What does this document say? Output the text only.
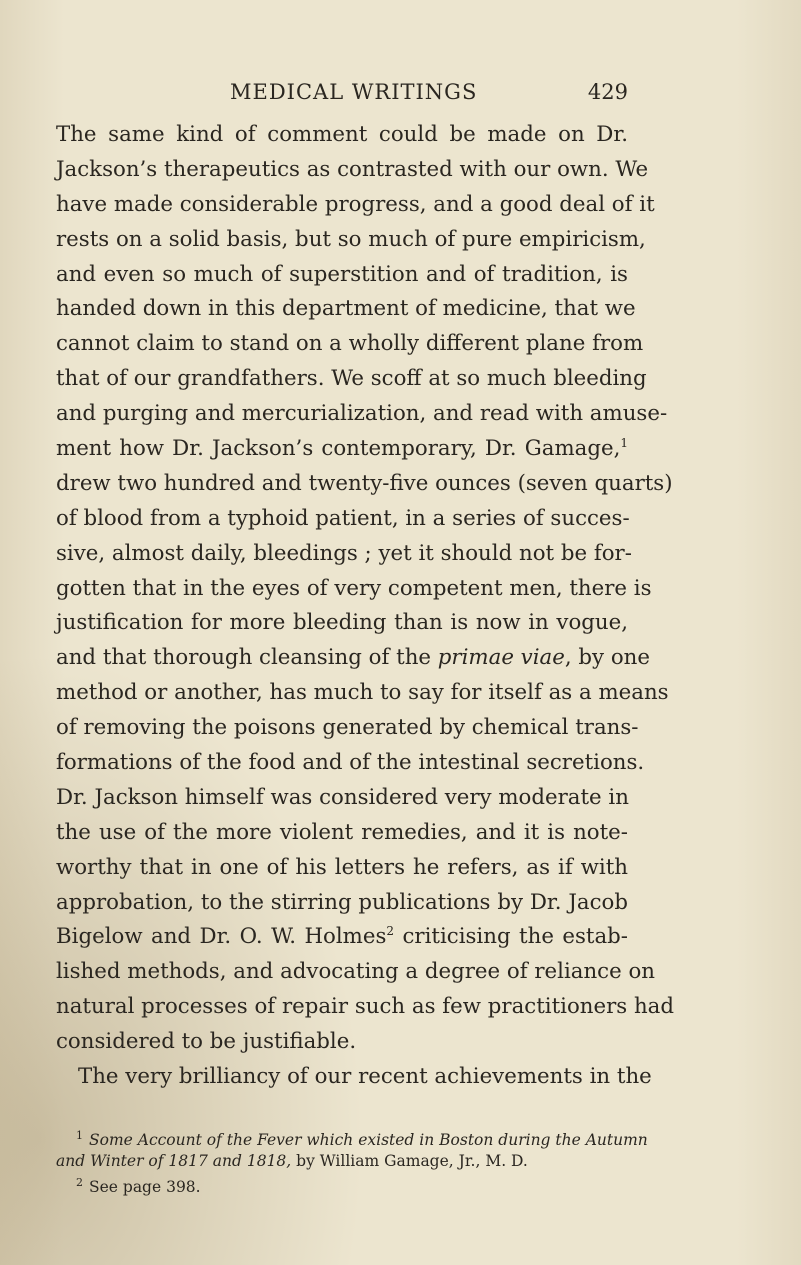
MEDICAL WRITINGS	429
The same kind of comment could be made on Dr.
Jackson’s therapeutics as contrasted with our own. We
have made considerable progress, and a good deal of it
rests on a solid basis, but so much of pure empiricism,
and even so much of superstition and of tradition, is
handed down in this department of medicine, that we
cannot claim to stand on a wholly different plane from
that of our grandfathers. We scoff at so much bleeding
and purging and mercurialization, and read with amuse-
ment how Dr. Jackson’s contemporary, Dr. Gamage,$^1$
drew two hundred and twenty-five ounces (seven quarts)
of blood from a typhoid patient, in a series of succes-
sive, almost daily, bleedings ; yet it should not be for-
gotten that in the eyes of very competent men, there is
justification for more bleeding than is now in vogue,
and that thorough cleansing of the primae viae, by one
method or another, has much to say for itself as a means
of removing the poisons generated by chemical trans-
formations of the food and of the intestinal secretions.
Dr. Jackson himself was considered very moderate in
the use of the more violent remedies, and it is note-
worthy that in one of his letters he refers, as if with
approbation, to the stirring publications by Dr. Jacob
Bigelow and Dr. O. W. Holmes$^2$ criticising the estab-
lished methods, and advocating a degree of reliance on
natural processes of repair such as few practitioners had
considered to be justifiable.
The very brilliancy of our recent achievements in the
$^1$ Some Account of the Fever which existed in Boston during the Autumn
and Winter of 1817 and 1818, by William Gamage, Jr., M. D.
$^2$ See page 398.
